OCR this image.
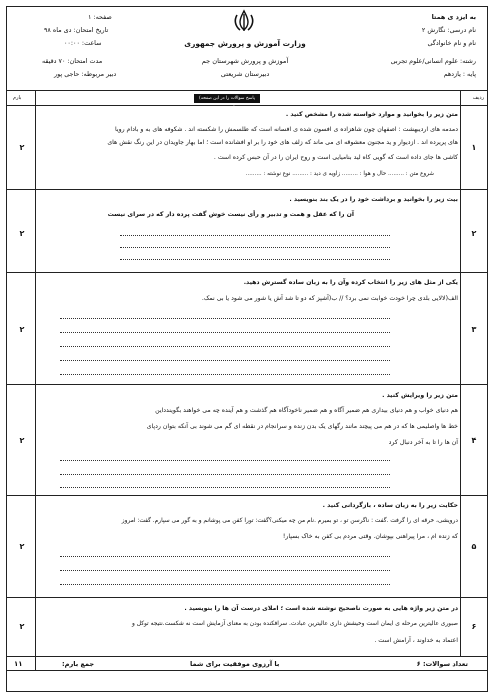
به ایزد ی همتا
نام درسی: نگارش ۲
نام و نام خانوادگی
رشته: علوم انسانی/علوم تجربی
پایه : یازدهم
وزارت آموزش و پرورش جمهوری
آموزش و پرورش شهرستان جم
دبیرستان شریعتی
صفحه: ۱
تاریخ امتحان: دی ماه ۹۸
ساعت: ۰۰:۰۰
مدت امتحان: ۷۰ دقیقه
دبیر مربوطه: حاجی پور
ردیف
بارم	(پاسخ سوالات را در این صفحه بنویسید)
۱
۲
متن زیر را بخوانید و موارد خواسته شده را مشخص کنید .
دمدمه های اردیبهشت : اصفهان چون شاهزاده ی افسون شده ی افسانه است که طلسمش را شکسته اند . شکوفه های به و بادام رویا
های پریرده اند . ازدیوار و ید مجنون معشوقه ای می ماند که زلف های خود را بر او افشانده است ؛ اما بهار جاویدان در این رنگ نقش های
کاشی ها جای داده است که گویی کاه لید بنامیایی است و روح ایران را در آن حبس کرده است .
شروع متن : ......... حال و هوا : ......... زاویه ی دید : ......... نوع نوشته : .........
۲
۲
بیت زیر را بخوانید و برداشت خود را در یک بند بنویسید .
آن را که عقل و همت و تدبیر و رأی نیست خوش گفت پرده دار که در سرای نیست
۳
۲
یکی از مثل های زیر را انتخاب کرده وآن را به زبان ساده گسترش دهید.
الف(لالایی بلدی چرا خودت خوابت نمی برد؟ // ب(آشپز که دو تا شد آش یا شور می شود یا بی نمک.
۴
۲
متن زیر را ویرایش کنید .
هم دنیای خواب و هم دنیای بیداری هم ضمیر آگاه و هم ضمیر ناخودآگاه هم گذشت و هم آینده چه می خواهند بگویندداین
خط ها واصلیمی ها که در هم می پیچند مانند رگهای یک بدن زنده و سرانجام در نقطه ای گم می شوند بی آنکه بتوان ردپای
آن ها را تا به آخر دنبال کرد
۵
۲
حکایت زیر را به زبان ساده ، بازگردانی کنید .
درویشی، خرقه ای را گرفت .گفت : ناگرسن تو ، تو بمیرم .نام من چه میکنی؟گفت: تورا کفن می پوشانم و به گور می سپارم. گفت: امروز
که زنده ام ، مرا پیراهنی بپوشان. وقتی مردم بی کفن به خاک بسپار!
۶
۲
در متن زیر واژه هایی به صورت ناصحیح نوشته شده است ؛ املای درست آن ها را بنویسید .
صبوری عالیترین مرحله ی ایمان است وخیشش داری عالیترین عبادت. سرافکنده بودن به معنای آزمایش است نه شکست.نتیجه توکل و
اعتماد به خداوند ، آرامش است .
تعداد سوالات: ۶
با آرزوی موفقیت برای شما
جمع بارم:
۱۱
